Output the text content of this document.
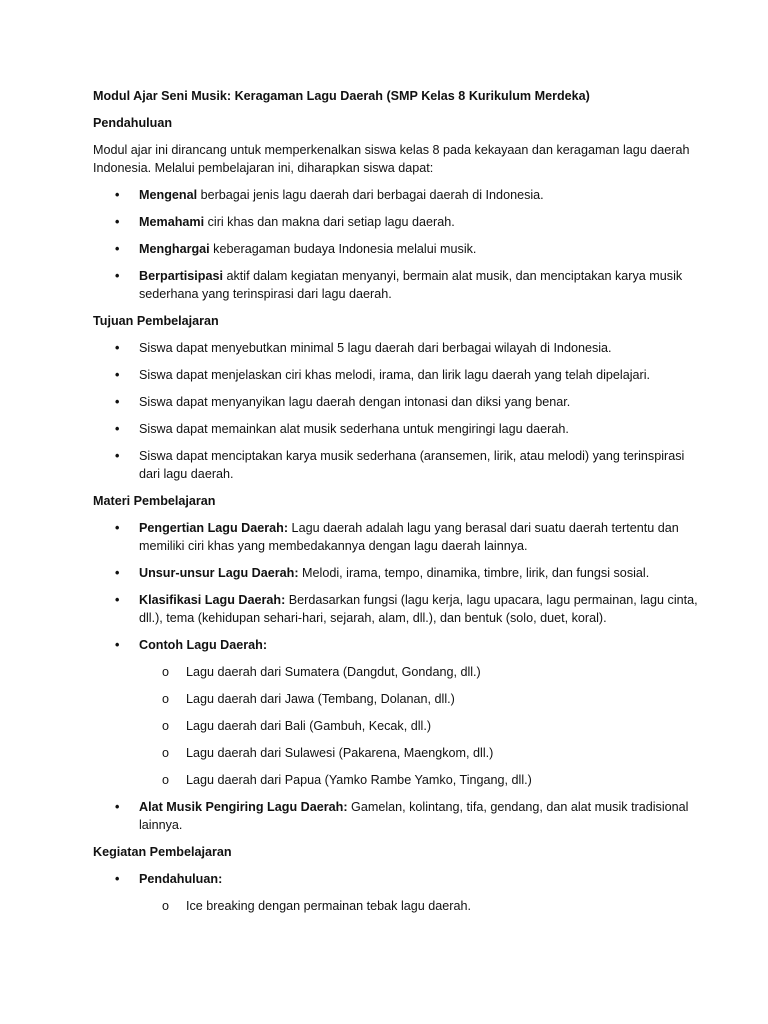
Modul Ajar Seni Musik: Keragaman Lagu Daerah (SMP Kelas 8 Kurikulum Merdeka)
Pendahuluan
Modul ajar ini dirancang untuk memperkenalkan siswa kelas 8 pada kekayaan dan keragaman lagu daerah Indonesia. Melalui pembelajaran ini, diharapkan siswa dapat:
• Mengenal berbagai jenis lagu daerah dari berbagai daerah di Indonesia.
• Memahami ciri khas dan makna dari setiap lagu daerah.
• Menghargai keberagaman budaya Indonesia melalui musik.
• Berpartisipasi aktif dalam kegiatan menyanyi, bermain alat musik, dan menciptakan karya musik sederhana yang terinspirasi dari lagu daerah.
Tujuan Pembelajaran
• Siswa dapat menyebutkan minimal 5 lagu daerah dari berbagai wilayah di Indonesia.
• Siswa dapat menjelaskan ciri khas melodi, irama, dan lirik lagu daerah yang telah dipelajari.
• Siswa dapat menyanyikan lagu daerah dengan intonasi dan diksi yang benar.
• Siswa dapat memainkan alat musik sederhana untuk mengiringi lagu daerah.
• Siswa dapat menciptakan karya musik sederhana (aransemen, lirik, atau melodi) yang terinspirasi dari lagu daerah.
Materi Pembelajaran
• Pengertian Lagu Daerah: Lagu daerah adalah lagu yang berasal dari suatu daerah tertentu dan memiliki ciri khas yang membedakannya dengan lagu daerah lainnya.
• Unsur-unsur Lagu Daerah: Melodi, irama, tempo, dinamika, timbre, lirik, dan fungsi sosial.
• Klasifikasi Lagu Daerah: Berdasarkan fungsi (lagu kerja, lagu upacara, lagu permainan, lagu cinta, dll.), tema (kehidupan sehari-hari, sejarah, alam, dll.), dan bentuk (solo, duet, koral).
• Contoh Lagu Daerah:
o Lagu daerah dari Sumatera (Dangdut, Gondang, dll.)
o Lagu daerah dari Jawa (Tembang, Dolanan, dll.)
o Lagu daerah dari Bali (Gambuh, Kecak, dll.)
o Lagu daerah dari Sulawesi (Pakarena, Maengkom, dll.)
o Lagu daerah dari Papua (Yamko Rambe Yamko, Tingang, dll.)
• Alat Musik Pengiring Lagu Daerah: Gamelan, kolintang, tifa, gendang, dan alat musik tradisional lainnya.
Kegiatan Pembelajaran
• Pendahuluan:
o Ice breaking dengan permainan tebak lagu daerah.
